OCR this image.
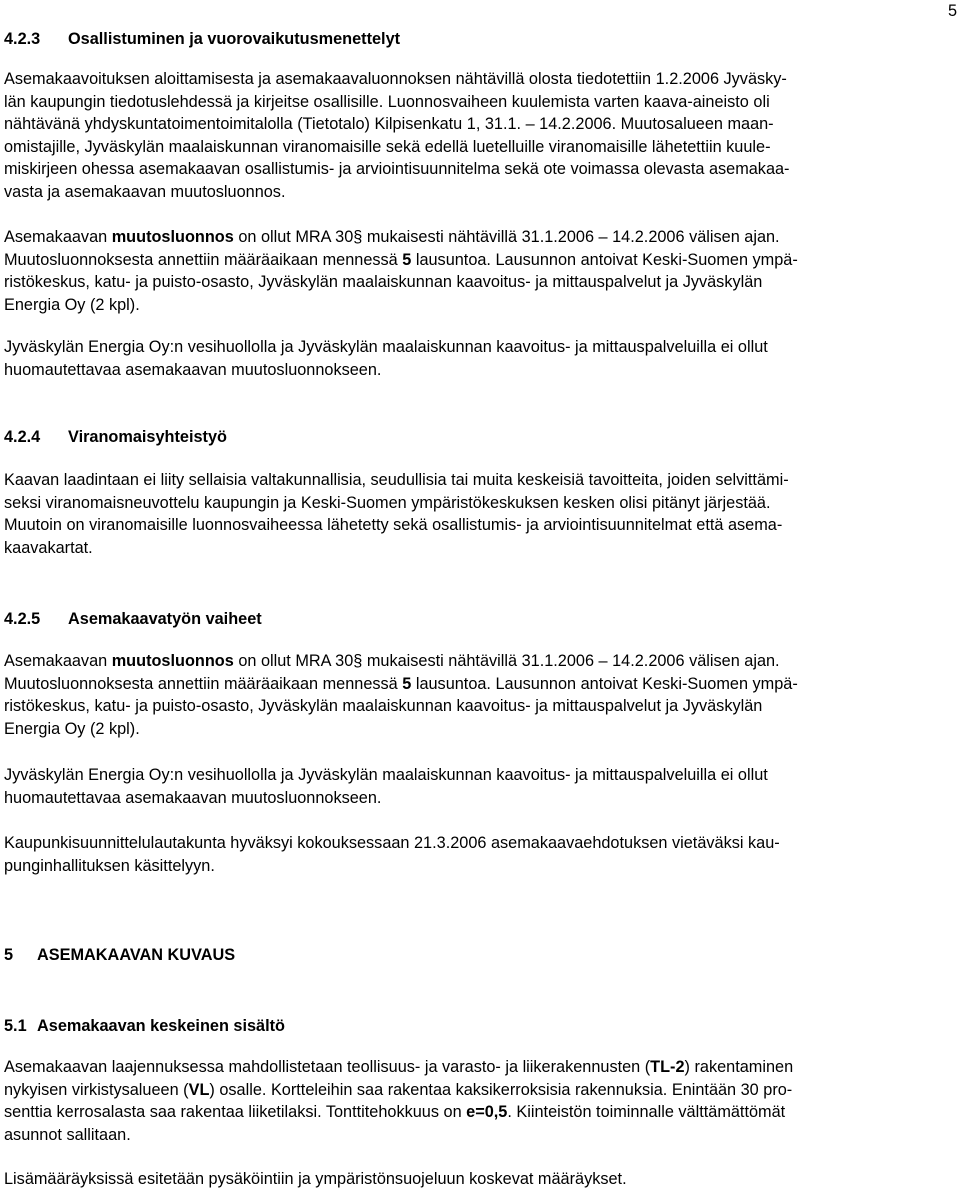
5
4.2.3 Osallistuminen ja vuorovaikutusmenettelyt
Asemakaavoituksen aloittamisesta ja asemakaavaluonnoksen nähtävillä olosta tiedotettiin 1.2.2006 Jyväsky-
län kaupungin tiedotuslehdessä ja kirjeitse osallisille. Luonnosvaiheen kuulemista varten kaava-aineisto oli
nähtävänä yhdyskuntatoimentoimitalolla (Tietotalo) Kilpisenkatu 1, 31.1. – 14.2.2006. Muutosalueen maan-
omistajille, Jyväskylän maalaiskunnan viranomaisille sekä edellä luetelluille viranomaisille lähetettiin kuule-
miskirjeen ohessa asemakaavan osallistumis- ja arviointisuunnitelma sekä ote voimassa olevasta asemakaa-
vasta ja asemakaavan muutosluonnos.
Asemakaavan muutosluonnos on ollut MRA 30§ mukaisesti nähtävillä 31.1.2006 – 14.2.2006 välisen ajan.
Muutosluonnoksesta annettiin määräaikaan mennessä 5 lausuntoa. Lausunnon antoivat Keski-Suomen ympä-
ristökeskus, katu- ja puisto-osasto, Jyväskylän maalaiskunnan kaavoitus- ja mittauspalvelut ja Jyväskylän
Energia Oy (2 kpl).
Jyväskylän Energia Oy:n vesihuollolla ja Jyväskylän maalaiskunnan kaavoitus- ja mittauspalveluilla ei ollut
huomautettavaa asemakaavan muutosluonnokseen.
4.2.4 Viranomaisyhteistyö
Kaavan laadintaan ei liity sellaisia valtakunnallisia, seudullisia tai muita keskeisiä tavoitteita, joiden selvittämi-
seksi viranomaisneuvottelu kaupungin ja Keski-Suomen ympäristökeskuksen kesken olisi pitänyt järjestää.
Muutoin on viranomaisille luonnosvaiheessa lähetetty sekä osallistumis- ja arviointisuunnitelmat että asema-
kaavakartat.
4.2.5 Asemakaavatyön vaiheet
Asemakaavan muutosluonnos on ollut MRA 30§ mukaisesti nähtävillä 31.1.2006 – 14.2.2006 välisen ajan.
Muutosluonnoksesta annettiin määräaikaan mennessä 5 lausuntoa. Lausunnon antoivat Keski-Suomen ympä-
ristökeskus, katu- ja puisto-osasto, Jyväskylän maalaiskunnan kaavoitus- ja mittauspalvelut ja Jyväskylän
Energia Oy (2 kpl).
Jyväskylän Energia Oy:n vesihuollolla ja Jyväskylän maalaiskunnan kaavoitus- ja mittauspalveluilla ei ollut
huomautettavaa asemakaavan muutosluonnokseen.
Kaupunkisuunnittelulautakunta hyväksyi kokouksessaan 21.3.2006 asemakaavaehdotuksen vietäväksi kau-
punginhallituksen käsittelyyn.
5 ASEMAKAAVAN KUVAUS
5.1 Asemakaavan keskeinen sisältö
Asemakaavan laajennuksessa mahdollistetaan teollisuus- ja varasto- ja liikerakennusten (TL-2) rakentaminen
nykyisen virkistysalueen (VL) osalle. Kortteleihin saa rakentaa kaksikerroksisia rakennuksia. Enintään 30 pro-
senttia kerrosalasta saa rakentaa liiketilaksi. Tonttitehokkuus on e=0,5. Kiinteistön toiminnalle välttämättömät
asunnot sallitaan.
Lisämääräyksissä esitetään pysäköintiin ja ympäristönsuojeluun koskevat määräykset.
